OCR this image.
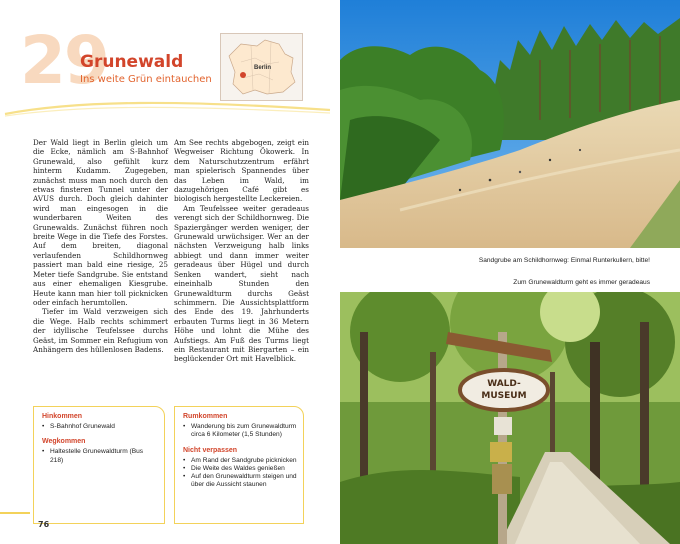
29
Grunewald
Ins weite Grün eintauchen
Berlin

Der Wald liegt in Berlin gleich um die Ecke, nämlich am S-Bahnhof Grunewald, also gefühlt kurz hinterm Kudamm. Zugegeben, zunächst muss man noch durch den etwas finsteren Tunnel unter der AVUS durch. Doch gleich dahinter wird man eingesogen in die wunderbaren Weiten des Grunewalds. Zunächst führen noch breite Wege in die Tiefe des Forstes. Auf dem breiten, diagonal verlaufenden Schildhornweg passiert man bald eine riesige, 25 Meter tiefe Sandgrube. Sie entstand aus einer ehemaligen Kiesgrube. Heute kann man hier toll picknicken oder einfach herumtollen.

Tiefer im Wald verzweigen sich die Wege. Halb rechts schimmert der idyllische Teufelssee durchs Geäst, im Sommer ein Refugium von Anhängern des hüllenlosen Badens.

Am See rechts abgebogen, zeigt ein Wegweiser Richtung Ökowerk. In dem Naturschutzzentrum erfährt man spielerisch Spannendes über das Leben im Wald, im dazugehörigen Café gibt es biologisch hergestellte Leckereien.

Am Teufelssee weiter geradeaus verengt sich der Schildhornweg. Die Spaziergänger werden weniger, der Grunewald urwüchsiger. Wer an der nächsten Verzweigung halb links abbiegt und dann immer weiter geradeaus über Hügel und durch Senken wandert, sieht nach eineinhalb Stunden den Grunewaldturm durchs Geäst schimmern. Die Aussichtsplattform des Ende des 19. Jahrhunderts erbauten Turms liegt in 36 Metern Höhe und lohnt die Mühe des Aufstiegs. Am Fuß des Turms liegt ein Restaurant mit Biergarten – ein beglückender Ort mit Havelblick.

Hinkommen
• S-Bahnhof Grunewald
Wegkommen
• Haltestelle Grunewaldturm (Bus 218)
Rumkommen
• Wanderung bis zum Grunewaldturm circa 6 Kilometer (1,5 Stunden)
Nicht verpassen
• Am Rand der Sandgrube picknicken
• Die Weite des Waldes genießen
• Auf den Grunewaldturm steigen und über die Aussicht staunen
76
Sandgrube am Schildhornweg: Einmal Runterkullern, bitte!
Zum Grunewaldturm geht es immer geradeaus
WALD-
MUSEUM
